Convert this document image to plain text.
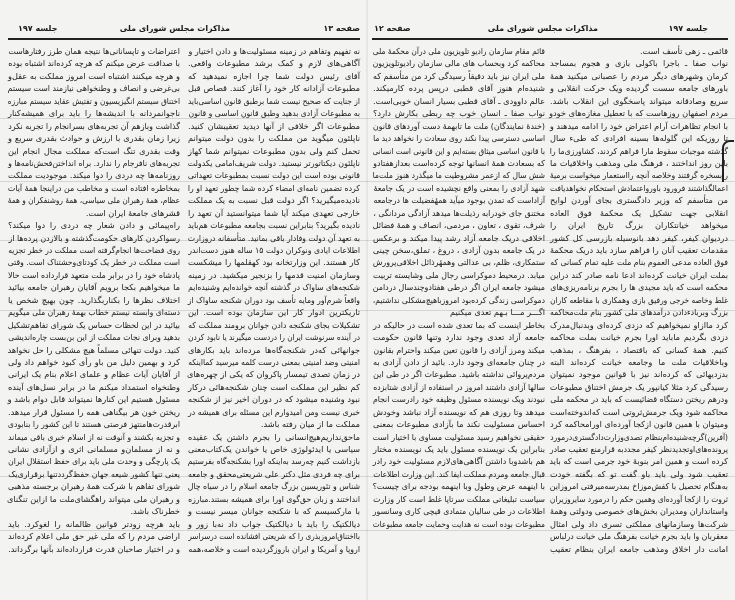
صفحه ۱۳
مذاکرات مجلس شورای ملی
جلسه ۱۹۷
نه تفهیم وتفاهم در زمینه مسئولیت‌ها و دادن اختیار و
آگاهی‌های لازم و کمک برشد مطبوعات واقعی.
آقای رئیس دولت شما چرا اجازه نمیدهید که
مطبوعات آزادانه کار خود را آغاز کنند. قصاص قبل
از جنایت که صحیح نیست شما برطبق قانون اساسی‌باید
به مطبوعات آزادی بدهید وطبق قانون اساسی و قانون
مطبوعات اگر خلافی از آنها دیدید تعقیبشان کنید.
ناپلئون میگوید من مملکت را بدون دولت میتوانم
تحمل کنم ولی بدون مطبوعات نمیتوانم شما کهاز
ناپلئون دیکتاتورتر نیستید. دولت شریف‌امامی یکدولت
قانونی بوده است این دولت نسبت بمطبوعات تعهداتی
کرده تضمین نامه‌ای امضاء کرده شما چطور تعهد او را
نادیده‌میگیرید؟ اگر دولت قبل نسبت به یک مملکت
خارجی تعهدی میکند آیا شما میتوانستید آن تعهد را
نادیده بگیرید؟ بنابراین نسبت بجامعه مطبوعات هم‌باید
به تعهد آن دولت وفادار باقی بمانید. متأسفانه دروزارت
اطلاعات ایادی ونوکران دولت ۱۵ ساله هنوز دست‌اندر
کار هستند. این وزارتخانه بود کهقلمها را میشکست
وسازمان امنیت قدمها را بزنجیر میکشید. در زمینه
شکنجه‌های ساواک در گذشته آنچه خوانده‌ایم وشنیده‌ایم
واقعاً شرم‌آور ومایه تأسف بود دوران شکنجه ساواک از
تاریکترین ادوار کار این سازمان بوده است. این
تشکیلات بجای شکنجه دادن جوانان برومند مملکت که
در آینده سرنوشت ایران را دردست میگیرند یا نابود کردن
جوانهائی که‌در شکنجه‌گاه‌ها مرده‌اند باید بکارهای
امنیتی وضد امنیتی بمعنی درست کلمه میرسید کمااینکه
در زمان تصدی تیمسار پاکروان که یکی از چهره‌های
کم نظیر این مملکت است چنان شکنجه‌هائی درکار
نبود وشنیده میشود که در دوران اخیر نیز از شکنجه
خبری نیست ومن امیدوارم این مسئله برای همیشه در
مملکت ما از میان رفته باشد.
ماحق‌نداریم‌هیچ‌انسانی را بجرم داشتن یک عقیده
سیاسی یا ایدئولوژی خاص یا خواندن یک‌کتاب‌معنی
بازداشت کنیم چه‌رسد به‌اینکه اورا بشکنجه‌گاه بفرستیم
برای چه فردی مثل دکتر علی شریعتی‌محقق و جامعه
شناس و تئوریسین بزرگ جامعه اسلام را در سیاه چال
انداختند و زبان حق‌گوی اورا برای همیشه بستند.مبارزه
با مارکسیسم که با شکنجه جوانان میسر نیست و
دیالکتیک را باید با دیالکتیک جواب داد نه‌با زور و
بااختناق‌امروزبذری را که شریعتی افشانده است درسراسر
اروپا و آمریکا و ایران باروزگردیده است و خلاصه،همه
اعتراضات و تاپسانانی‌ها نتیجه همان طرز رفتارهاست
با صداقت عرض میکنم که هرچه کرده‌اند اشتباه بوده
و هرچه میکنند اشتباه است امروز مملکت به عقل‌و
بی‌غرضی و انصاف و وطنخواهی نیازمند است سیستم
اختناق سیستم انگیزیسیون و تفتیش عقاید سیستم مبارزه
ناجوانمردانه با اندیشه‌ها را باید برای همیشه‌کنار
گذاشت وبازهم آن تجربه‌های بسرانجام را تجربه نکرد
زیرا زمان بقدری با ارزش و حوادث بقدری سریع و
وقت بقدری تنگ است‌که مملکت مجال انجام این
تجربه‌های نافرجام را ندارد. براه انداختن‌فحش‌نامه‌ها و
روزنامه‌ها چه دردی را دوا میکند. موجودیت مملکت
بمخاطره افتاده است و مخاطب من دراینجا همهٔ آیات
عظام، همهٔ رهبران ملی سیاسی، همهٔ روشنفکران و همهٔ
قشرهای جامعهٔ ایران است.
راه‌پیمائی و دادن شعار چه دردی را دوا میکند؟
رسوا‌کردن کارهای حکومت‌گذشته و بالازدن پرده‌ها از
روی فضاحت‌ها انجام‌گرفته است مملکت در خطر تجزیه
است مملکت در خطر یک کودتای‌وحشتناک است. وقتی
پادشاه خود را در برابر ملت متعهد قرارداده است حالا
ما میخواهیم بکجا برویم آقایان رهبران جامعه بیائید
اختلاف نظرها را بکناربگذارید. چون بهیچ شخص یا
دسته‌ای وابسته نیستم خطاب بهمهٔ رهبران ملی میگویم
بیائید در این لحظات حساس یک شورای تفاهم‌تشکیل
بدهید وبرای نجات مملکت از این بن‌بست چاره‌اندیشی
کنید. دولت تنهائی مسلماً هیچ مشکلی را حل نخواهد
کرد و بهمین دلیل من باو رأی کبود خواهم داد ولی
از آقایان آیات عظام و علمای اعلام بنام یک ایرانی
وطنخواه استمداد میکنم ما در برابر نسل‌های آینده
مسئول هستیم این کنارها نمیتواند قابل دوام باشد و
ریختن خون هر بیگناهی همه را مسئول قرار میدهد.
ابرقدرت‌هامنتهز فرصتی هستند تا این کشور را بنابودی
و تجزیه بکشند و آنوقت نه از اسلام خبری باقی میماند
و نه از مسلمان‌و مسلمانی اثری و ازآزادی نشانی
یک پارچگی و وحدت ملی باید برای حفظ استقلال ایران
یعنی تنها کشور شیعه جهان حفظ‌گردد‌تنها برقراری‌یک
شورای تفاهم با شرکت همهٔ رهبران برجسته مذهبی
و رهبران ملی میتواند راهگشای‌ملت ما ازاین تنگنای
خطرناک باشد.
باید هرچه زودتر قوانین ظالمانه را لغوکرد. باید
اراضی مردم را که ملی غیر حق ملی اعلام کرده‌اند
و در اختیار صاحبان قدرت قرارداده‌اند بآنها برگرداند.
صفحه ۱۲	مذاکرات مجلس شورای ملی	جلسه ۱۹۷
قائمی ـ زهی تأسف است.
نواب صفا ـ باجرا باکولی بازی و هجوم بمساجد
کرمان وشهرهای دیگر مردم را عصبانی میکنید همهٔ
باورهای جامعه سست گردیده ویک حرکت انقلابی و
سریع وصادقانه میتواند پاسخگوی این انقلاب باشد.
مردم اصفهان روزهاست که با تعطیل مغازه‌های خودو
با انجام تظاهرات آرام اعتراض خود را ادامه میدهند و
تا روزیکه این گلوله‌ها بسینه افرادی که طیء سال
گذشته موجبات سقوط مارا فراهم کردند، کشاورزی‌ما را
باین روز انداختند ، فرهنگ ملی ومذهب واخلاقیات ما
رابسخره گرفتند وخلاصه آنچه رااستعمار میخواست برمیهٔ
اعمالگذاشتند فرورود باورواعتمادش استحکام نخواهدیافت
من متأسفم که وزیر دادگستری بجای آوردن لوایح
انقلابی جهت تشکیل یک محکمهٔ فوق العاده
میخواهد خیانتکاران بزرگ تاریخ ایران را
دردیوان کیفر، کیفر دهد بانوسیله بازرسی کل کشور
مقدمات تعقیب آنان را فراهم سازد باید دریک محکمهٔ
فوق العاده مدعی العموم بنام ملت علیه تمام کسانی که
بملت ایران خیانت کرده‌اند ادعا نامه صادر کند دراین
محکمه است که باید مجیدی ها را بجرم برنامه‌ریزی‌های
غلط وخاصه خرجی ورفیق بازی وهمکاری با مقاطعه کاران
بزرگ وبربادءدادن درآمدهای ملی کشور بنام ملت‌محاکمه
کرد ماازاو نمیخواهیم که دزدی کرده‌ای وبدنبال‌مدرک
دزدی بگردیم ماباید اورا بجرم خیانت بملت محاکمه
کنیم. همهٔ کسانی که باقتصاد ، بفرهنگ ، بمذهب
وباخلاقیات ملت ما وجامعه خیانت کرده‌اند البته
بدزدیهائی که کرده‌اند نیز با قوانین موجود نمیتوان
رسیدگی کرد مثلا کیانپور یک جرمش اختناق مطبوعات
ودرهم ریختن دستگاه قضائیست که باید در محکمه ملی
محاکمه شود ویک جرمش‌ثروتی است که‌اندوخته‌است
ومیتوان با همین قانون ازکجا آورده‌ای اورامحاکمه کرد
(آفرین)گرچه‌شنیده‌ام‌بنظام تصدی‌وزارت‌دادگستری‌درمورد
پرونده‌های‌اوتجدیدنظر کیفر مجددبه قرارمنع تعقیب صادر
کرده است و همین امر بنوبهٔ خود جرمی است که باید
تعقیب شود ولی باید باو گفت تو که بگفته خودت
به‌هنگام تحصیل با کفش‌موزاخ بمدرسه‌میرفتی امروزاین
ثروت را ازکجا آورده‌ای وهمین حکم را درمورد سایروزیران
واستانداران ومدیران بخش‌های خصوصی ودولتی وهمهٔ
شرکت‌ها وسازمانهای مملکتی تسری داد ولی امثال
معقربان وا باید بجرم خیانت بفرهنگ ملی خیانت درلباس
امانت دار اخلاق ومذهب جامعه ایران بنظام تعقیب
قائم مقام سازمان رادیو تلویزیون ملی درآن محکمهٔ ملی
محاکمه کرد وبحساب های مالی سازمان رادیوتلویزیون
ملی ایران نیز باید دقیقاً رسیدگی کرد من متأسفم که
شنیده‌ام هنوز آقای قطبی درپس پرده کارمیکند.
عالم داوودی ـ آقای قطبی بسیار انسان خوبی‌است.
نواب صفا ـ انسان خوب چه ربطی بکارش دارد؟
(خندهٔ نمایندگان) ملت ما تابهمهٔ دست آوردهای قانون
اساسی دسترسی پیدا نکند روی سعادت را نخواهد دید ما
با قانون اساسی میثاق بسته‌ایم و این قانونی است انسانی
که بسعادت همهٔ انسانها توجه کرده‌است بعدازهفتادو
شش سال که ازعمر مشروطیت ما میگذرد هنوز ملت‌ما
شهد آزادی را بمعنی واقع نچشیده است در یک جامعهٔ
آزاد‌است که تمدن بوجود میآید همهٔفضیلت ها درجامعه
مختنق جای خودرابه رذیلت‌ها میدهد آزادگی مردانگی ،
شرف، تقوی ، تعاون ، مردمی، انصاف و همهٔ فضائل
اخلاقی دریک جامعه آزاد رشد پیدا میکند و برعکس
در یک جامعه بدون آزادی ، دروغ ، تملق،سخن چینی
ستمکاری، ظلم، بی عدالتی وهمهٔرذائل اخلاقی‌پرورش
میابد. درمحیط دموکراسی رجال ملی وشایسته تربیت
میشود جامعه ایران اگر درطی هفتادوچندسال دردامن
دموکراسی زندگی کرده‌بود امروزباهیچ‌مشکلی نداشتیم،
اگـــر مـــا بـهم تعدی میکنیم
بخاطر اینست که بما تعدی شده است در حالیکه در
جامعه آزاد تعدی وجود ندارد وتنها قانون حکومت
میکند ومرز آزادی را قانون تعین میکند واحترام بقانون
در چنان جامعه‌ای وجود دارد. بائید از دادن آزادی به
مردم‌پروائی نداشته باشید. مطبوعات اگر در طی این
سالها آزادی داشتند امروز در استفاده از آزادی شتابزده
نبودند ویک نویسنده مسئول وظیفه خود رادرست انجام
میدهد وتا روزی هم که نویسنده آزاد نباشد وخودش
احساس مسئولیت نکند ما بآزادی مطبوعات بمعنی
حقیقی نخواهیم رسید مسئولیت مساوی با اختیار است
بنابراین یک نویسنده مسئول باید یک نویسنده مختار
هم باشدوبا داشتن آگاهی‌های‌لازم مسئولیت خود رادر
قبال جامعه ومردم مملکت ایفا کند. این وزارت اطلاعات
با اینهمه عرض وطول وبا اینهمه بودجه برای چیست؟
سیاست تبلیغاتی مملکت سرتاپا غلط است کار وزارت
اطلاعات در طی سالیان متمادی قیچی کاری وسانسور
مطبوعات بوده است نه هدایت وحمایت جامعه مطبوعات
